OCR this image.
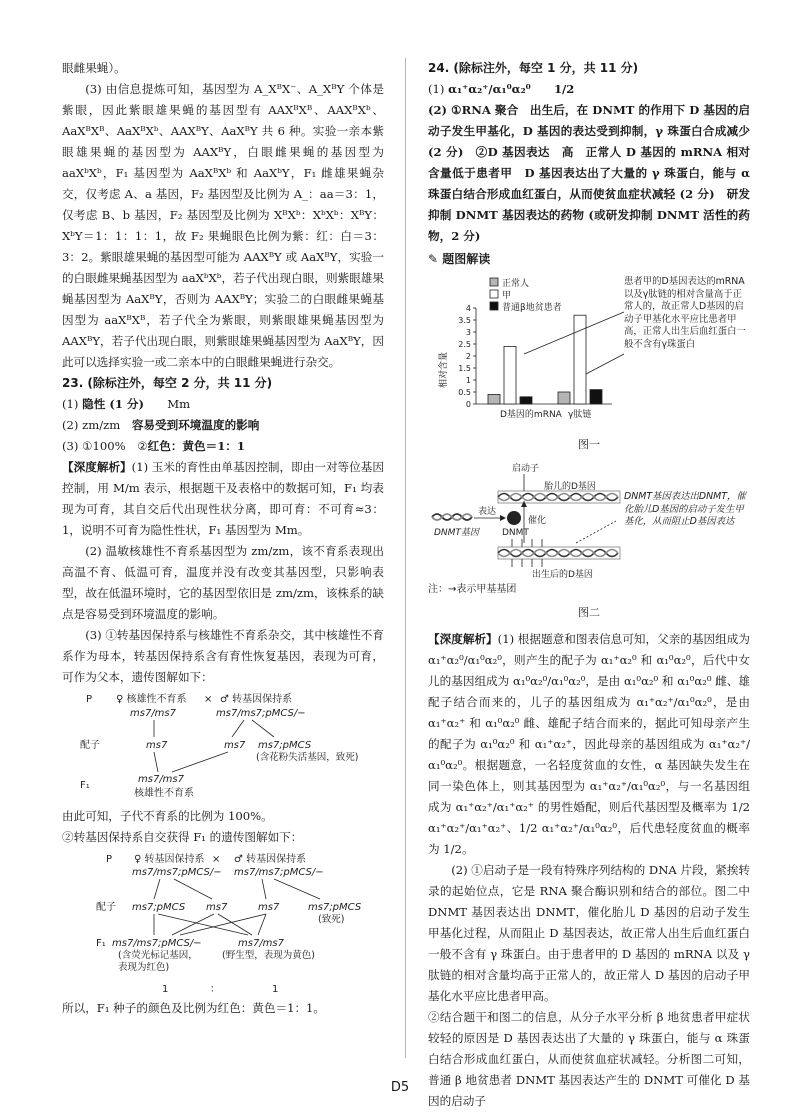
眼雌果蝇）。

(3) 由信息提炼可知，基因型为 A_XᴮX⁻、A_XᴮY 个体是紫眼，因此紫眼雄果蝇的基因型有 AAXᴮXᴮ、AAXᴮXᵇ、AaXᴮXᴮ、AaXᴮXᵇ、AAXᴮY、AaXᴮY 共 6 种。实验一亲本紫眼雄果蝇的基因型为 AAXᴮY，白眼雌果蝇的基因型为 aaXᵇXᵇ，F₁ 基因型为 AaXᴮXᵇ 和 AaXᵇY，F₁ 雌雄果蝇杂交，仅考虑 A、a 基因，F₂ 基因型及比例为 A_：aa＝3：1，仅考虑 B、b 基因，F₂ 基因型及比例为 XᴮXᵇ：XᵇXᵇ：XᴮY：XᵇY＝1：1：1：1，故 F₂ 果蝇眼色比例为紫：红：白＝3：3：2。紫眼雄果蝇的基因型可能为 AAXᴮY 或 AaXᴮY，实验一的白眼雌果蝇基因型为 aaXᵇXᵇ，若子代出现白眼，则紫眼雄果蝇基因型为 AaXᴮY，否则为 AAXᴮY；实验二的白眼雌果蝇基因型为 aaXᴮXᴮ，若子代全为紫眼，则紫眼雄果蝇基因型为 AAXᴮY，若子代出现白眼，则紫眼雄果蝇基因型为 AaXᴮY，因此可以选择实验一或二亲本中的白眼雌果蝇进行杂交。

23. (除标注外，每空 2 分，共 11 分)

(1) 隐性 (1 分)　　 Mm

(2) zm/zm　容易受到环境温度的影响

(3) ①100%　②红色：黄色＝1：1

【深度解析】(1) 玉米的育性由单基因控制，即由一对等位基因控制，用 M/m 表示，根据题干及表格中的数据可知，F₁ 均表现为可育，其自交后代出现性状分离，即可育：不可育≈3：1，说明不可育为隐性性状，F₁ 基因型为 Mm。

(2) 温敏核雄性不育系基因型为 zm/zm，该不育系表现出高温不育、低温可育，温度并没有改变其基因型，只影响表型，故在低温环境时，它的基因型依旧是 zm/zm，该株系的缺点是容易受到环境温度的影响。

(3) ①转基因保持系与核雄性不育系杂交，其中核雄性不育系作为母本，转基因保持系含有育性恢复基因，表现为可育，可作为父本，遗传图解如下：

P ♀ 核雄性不育系 × ♂ 转基因保持系
ms7/ms7	ms7/ms7;pMCS/−
配子	ms7	ms7 ms7;pMCS
(含花粉失活基因，致死)
F₁
ms7/ms7
核雄性不育系

由此可知，子代不育系的比例为 100%。

②转基因保持系自交获得 F₁ 的遗传图解如下：

P ♀ 转基因保持系 × ♂ 转基因保持系
ms7/ms7;pMCS/− ms7/ms7;pMCS/−
配子 ms7;pMCS ms7	ms7	ms7;pMCS
(致死)
F₁ ms7/ms7;pMCS/−
(含荧光标记基因，
表现为红色)
ms7/ms7
(野生型，表现为黄色)
1	：	1

所以，F₁ 种子的颜色及比例为红色：黄色＝1：1。

24. (除标注外，每空 1 分，共 11 分)

(1) α₁⁺α₂⁺/α₁⁰α₂⁰　　 1/2

(2) ①RNA 聚合　出生后，在 DNMT 的作用下 D 基因的启动子发生甲基化，D 基因的表达受到抑制，γ 珠蛋白合成减少 (2 分)　②D 基因表达　高　正常人 D 基因的 mRNA 相对含量低于患者甲　D 基因表达出了大量的 γ 珠蛋白，能与 α 珠蛋白结合形成血红蛋白，从而使贫血症状减轻 (2 分)　研发抑制 DNMT 基因表达的药物 (或研发抑制 DNMT 活性的药物，2 分)

✎ 题图解读
正常人
甲
普通β地贫患者
相对含量
0
0.5
1
1.5
2
2.5
3
3.5
4
D基因的mRNA γ肽链
患者甲的D基因表达的mRNA以及γ肽链的相对含量高于正常人的，故正常人D基因的启动子甲基化水平应比患者甲高，正常人出生后血红蛋白一般不含有γ珠蛋白
图一
启动子
胎儿的D基因
表达
催化
DNMT基因	DNMT
出生后的D基因
DNMT基因表达出DNMT，催化胎儿D基因的启动子发生甲基化，从而阻止D基因表达
注：→表示甲基基团
图二

【深度解析】(1) 根据题意和图表信息可知，父亲的基因组成为 α₁⁺α₂⁰/α₁⁰α₂⁰，则产生的配子为 α₁⁺α₂⁰ 和 α₁⁰α₂⁰，后代中女儿的基因组成为 α₁⁰α₂⁰/α₁⁰α₂⁰，是由 α₁⁰α₂⁰ 和 α₁⁰α₂⁰ 雌、雄配子结合而来的，儿子的基因组成为 α₁⁺α₂⁺/α₁⁰α₂⁰，是由 α₁⁺α₂⁺ 和 α₁⁰α₂⁰ 雌、雄配子结合而来的，据此可知母亲产生的配子为 α₁⁰α₂⁰ 和 α₁⁺α₂⁺，因此母亲的基因组成为 α₁⁺α₂⁺/α₁⁰α₂⁰。根据题意，一名轻度贫血的女性，α 基因缺失发生在同一染色体上，则其基因型为 α₁⁺α₂⁺/α₁⁰α₂⁰，与一名基因组成为 α₁⁺α₂⁺/α₁⁺α₂⁺ 的男性婚配，则后代基因型及概率为 1/2 α₁⁺α₂⁺/α₁⁺α₂⁺、1/2 α₁⁺α₂⁺/α₁⁰α₂⁰，后代患轻度贫血的概率为 1/2。

(2) ①启动子是一段有特殊序列结构的 DNA 片段，紧挨转录的起始位点，它是 RNA 聚合酶识别和结合的部位。图二中 DNMT 基因表达出 DNMT，催化胎儿 D 基因的启动子发生甲基化过程，从而阻止 D 基因表达，故正常人出生后血红蛋白一般不含有 γ 珠蛋白。由于患者甲的 D 基因的 mRNA 以及 γ 肽链的相对含量均高于正常人的，故正常人 D 基因的启动子甲基化水平应比患者甲高。

②结合题干和图二的信息，从分子水平分析 β 地贫患者甲症状较轻的原因是 D 基因表达出了大量的 γ 珠蛋白，能与 α 珠蛋白结合形成血红蛋白，从而使贫血症状减轻。分析图二可知，普通 β 地贫患者 DNMT 基因表达产生的 DNMT 可催化 D 基因的启动子

D5
